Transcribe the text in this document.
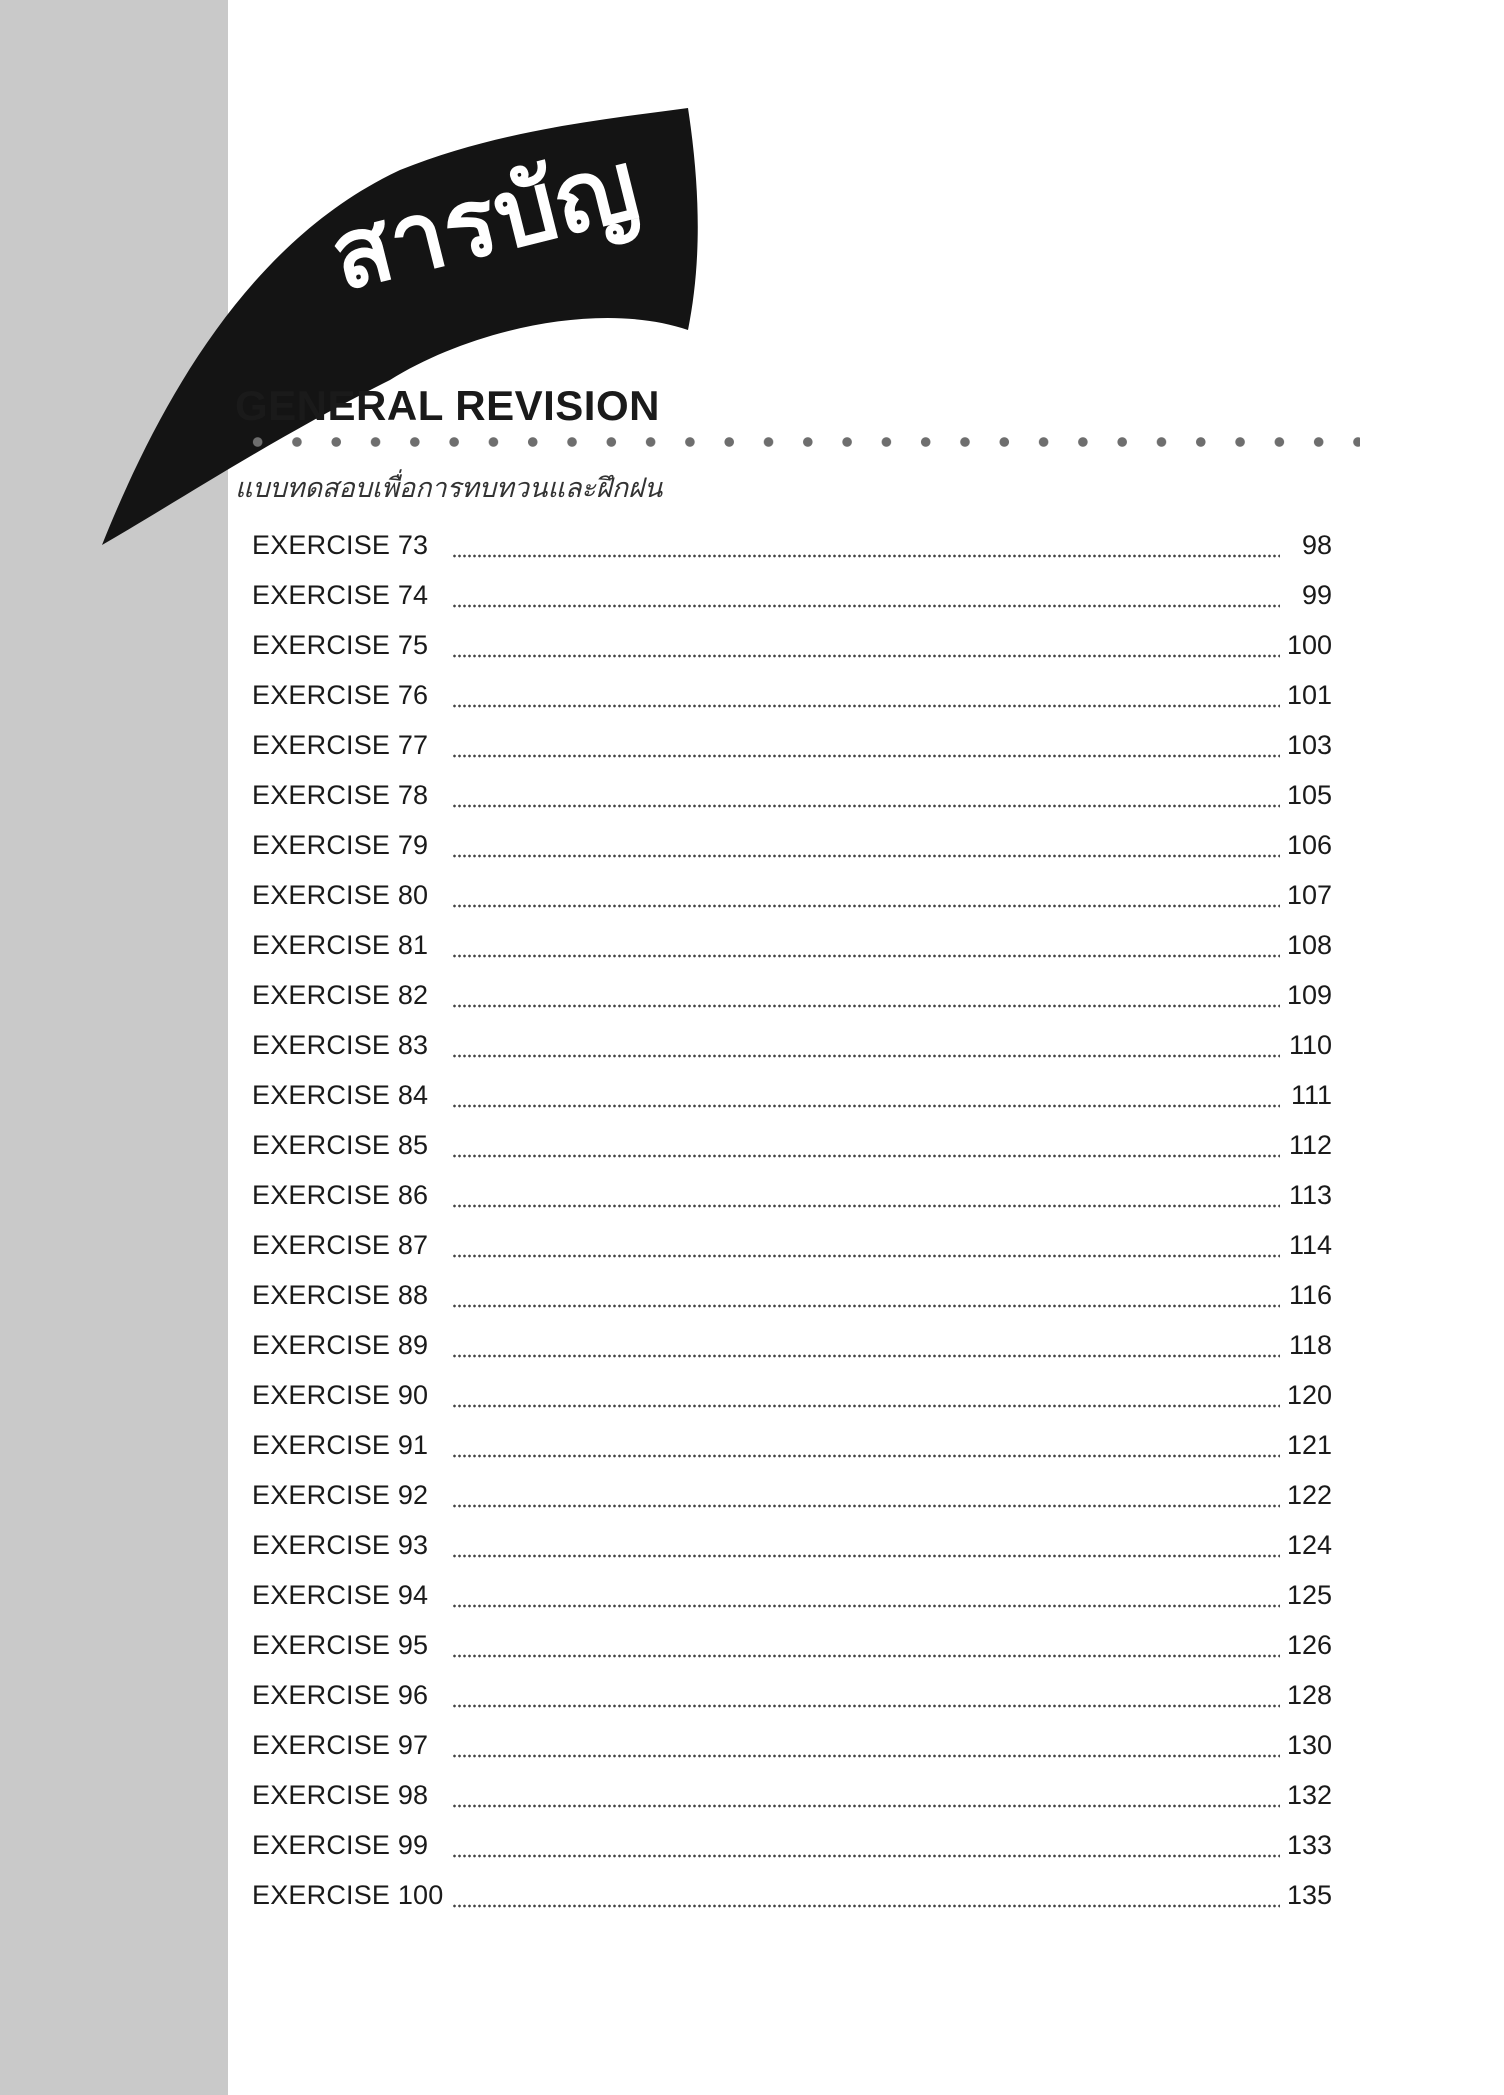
สารบัญ
GENERAL REVISION
แบบทดสอบเพื่อการทบทวนและฝึกฝน
EXERCISE 73	98
EXERCISE 74	99
EXERCISE 75	100
EXERCISE 76	101
EXERCISE 77	103
EXERCISE 78	105
EXERCISE 79	106
EXERCISE 80	107
EXERCISE 81	108
EXERCISE 82	109
EXERCISE 83	110
EXERCISE 84	111
EXERCISE 85	112
EXERCISE 86	113
EXERCISE 87	114
EXERCISE 88	116
EXERCISE 89	118
EXERCISE 90	120
EXERCISE 91	121
EXERCISE 92	122
EXERCISE 93	124
EXERCISE 94	125
EXERCISE 95	126
EXERCISE 96	128
EXERCISE 97	130
EXERCISE 98	132
EXERCISE 99	133
EXERCISE 100	135
